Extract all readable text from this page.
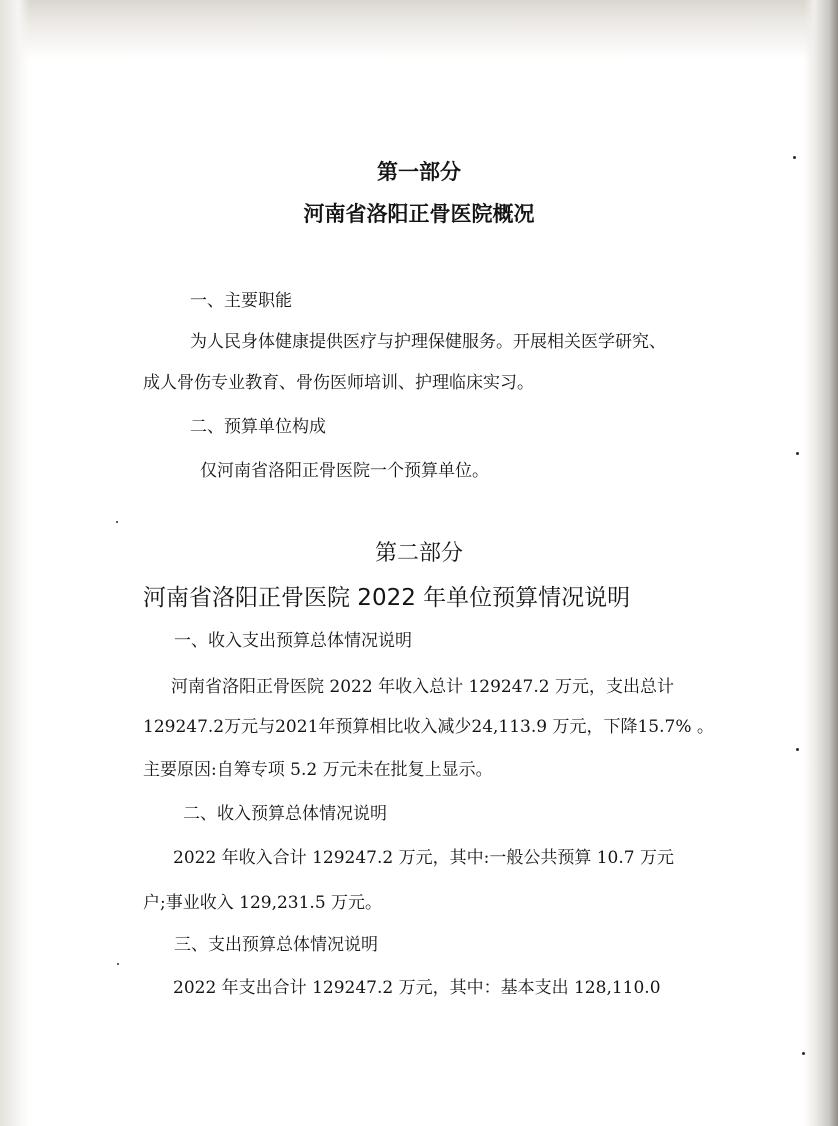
第一部分
河南省洛阳正骨医院概况
一、主要职能
为人民身体健康提供医疗与护理保健服务。开展相关医学研究、
成人骨伤专业教育、骨伤医师培训、护理临床实习。
二、预算单位构成
仅河南省洛阳正骨医院一个预算单位。
第二部分
河南省洛阳正骨医院 2022 年单位预算情况说明
一、收入支出预算总体情况说明
河南省洛阳正骨医院 2022 年收入总计 129247.2 万元，支出总计
129247.2万元与2021年预算相比收入减少24,113.9 万元，下降15.7% 。
主要原因:自筹专项 5.2 万元未在批复上显示。
二、收入预算总体情况说明
2022 年收入合计 129247.2 万元，其中:一般公共预算 10.7 万元
户;事业收入 129,231.5 万元。
三、支出预算总体情况说明
2022 年支出合计 129247.2 万元，其中：基本支出 128,110.0
